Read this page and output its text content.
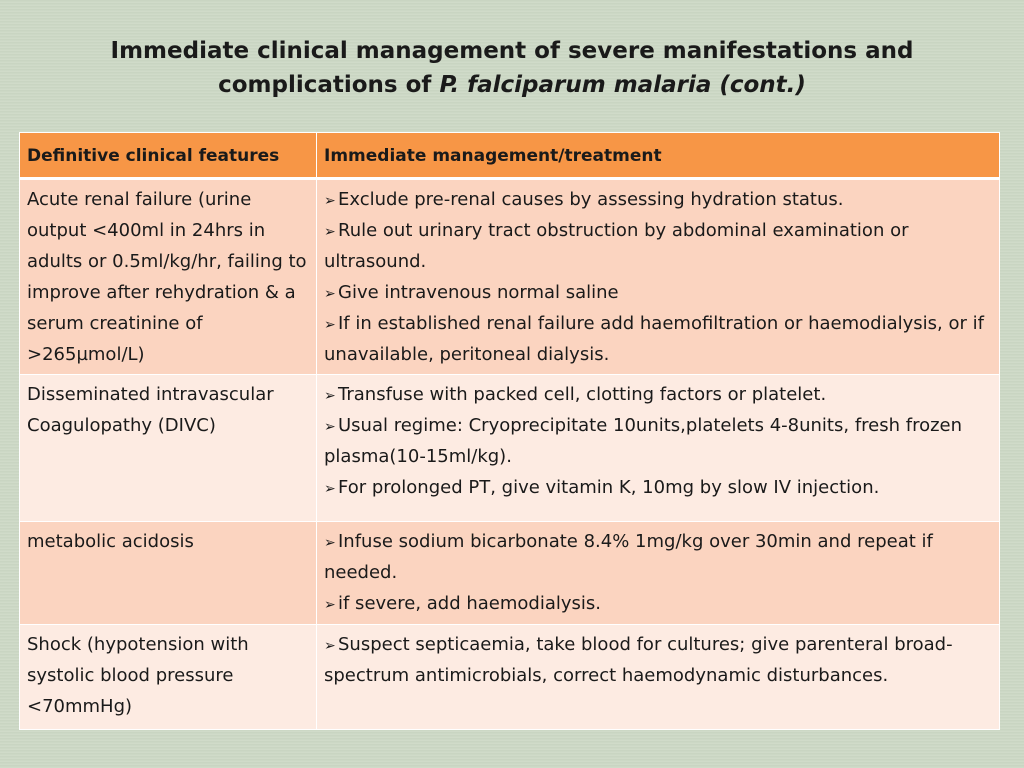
Immediate clinical management of severe manifestations and
complications of P. falciparum malaria (cont.)
Definitive clinical features	Immediate management/treatment
Acute renal failure (urine output <400ml in 24hrs in adults or 0.5ml/kg/hr, failing to improve after rehydration & a serum creatinine of >265µmol/L)	➢ Exclude pre-renal causes by assessing hydration status.
➢ Rule out urinary tract obstruction by abdominal examination or ultrasound.
➢ Give intravenous normal saline
➢ If in established renal failure add haemofiltration or haemodialysis, or if unavailable, peritoneal dialysis.

Disseminated intravascular Coagulopathy (DIVC)	➢ Transfuse with packed cell, clotting factors or platelet.
➢ Usual regime: Cryoprecipitate 10units,platelets 4-8units, fresh frozen plasma(10-15ml/kg).
➢ For prolonged PT, give vitamin K, 10mg by slow IV injection.

metabolic acidosis	➢ Infuse sodium bicarbonate 8.4% 1mg/kg over 30min and repeat if needed.
➢ if severe, add haemodialysis.

Shock (hypotension with systolic blood pressure <70mmHg)	➢ Suspect septicaemia, take blood for cultures; give parenteral broad-spectrum antimicrobials, correct haemodynamic disturbances.
